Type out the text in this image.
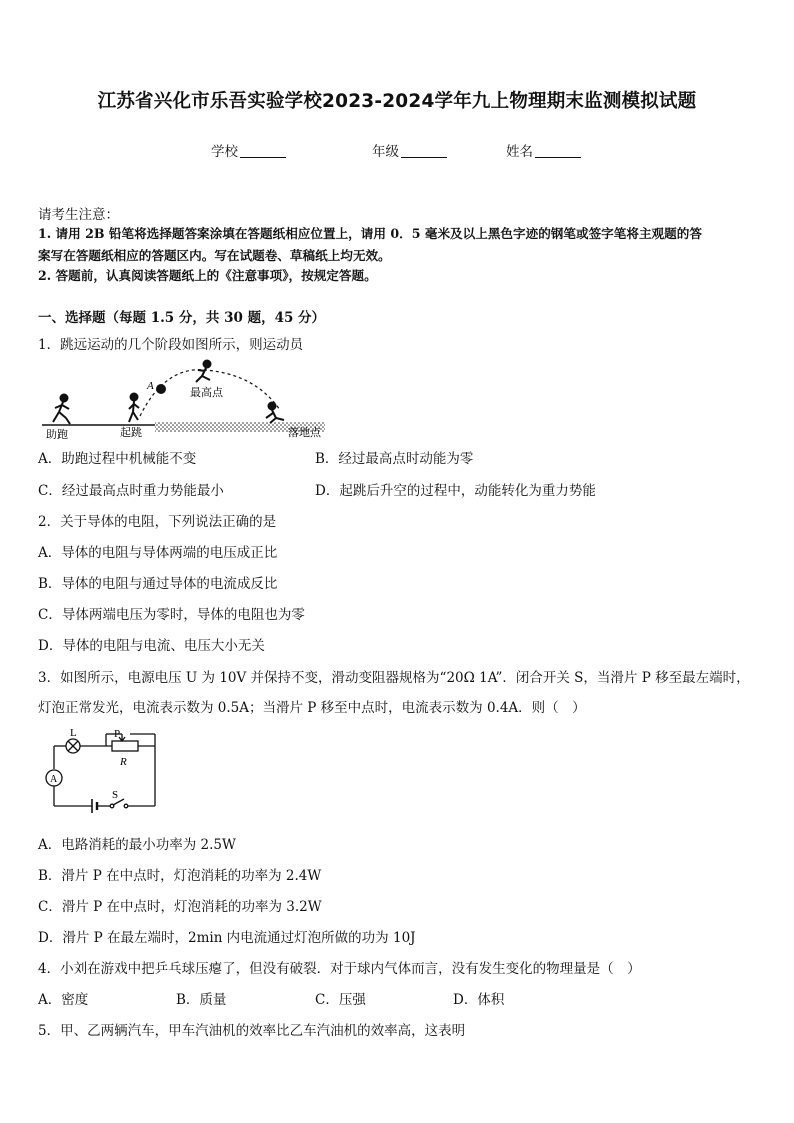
江苏省兴化市乐吾实验学校2023-2024学年九上物理期末监测模拟试题
学校	年级	姓名
请考生注意：
1. 请用 2B 铅笔将选择题答案涂填在答题纸相应位置上，请用 0．5 毫米及以上黑色字迹的钢笔或签字笔将主观题的答
案写在答题纸相应的答题区内。写在试题卷、草稿纸上均无效。
2. 答题前，认真阅读答题纸上的《注意事项》，按规定答题。
一、选择题（每题 1.5 分，共 30 题，45 分）
1．跳远运动的几个阶段如图所示，则运动员
A	最高点
助跑	起跳	落地点
A．助跑过程中机械能不变	B．经过最高点时动能为零
C．经过最高点时重力势能最小	D．起跳后升空的过程中，动能转化为重力势能
2．关于导体的电阻，下列说法正确的是
A．导体的电阻与导体两端的电压成正比
B．导体的电阻与通过导体的电流成反比
C．导体两端电压为零时，导体的电阻也为零
D．导体的电阻与电流、电压大小无关
3．如图所示，电源电压 U 为 10V 并保持不变，滑动变阻器规格为“20Ω 1A”．闭合开关 S，当滑片 P 移至最左端时，
灯泡正常发光，电流表示数为 0.5A；当滑片 P 移至中点时，电流表示数为 0.4A．则（　）
L	P
R
A
S
A．电路消耗的最小功率为 2.5W
B．滑片 P 在中点时，灯泡消耗的功率为 2.4W
C．滑片 P 在中点时，灯泡消耗的功率为 3.2W
D．滑片 P 在最左端时，2min 内电流通过灯泡所做的功为 10J
4．小刘在游戏中把乒乓球压瘪了，但没有破裂．对于球内气体而言，没有发生变化的物理量是（　）
A．密度	B．质量	C．压强	D．体积
5．甲、乙两辆汽车，甲车汽油机的效率比乙车汽油机的效率高，这表明
